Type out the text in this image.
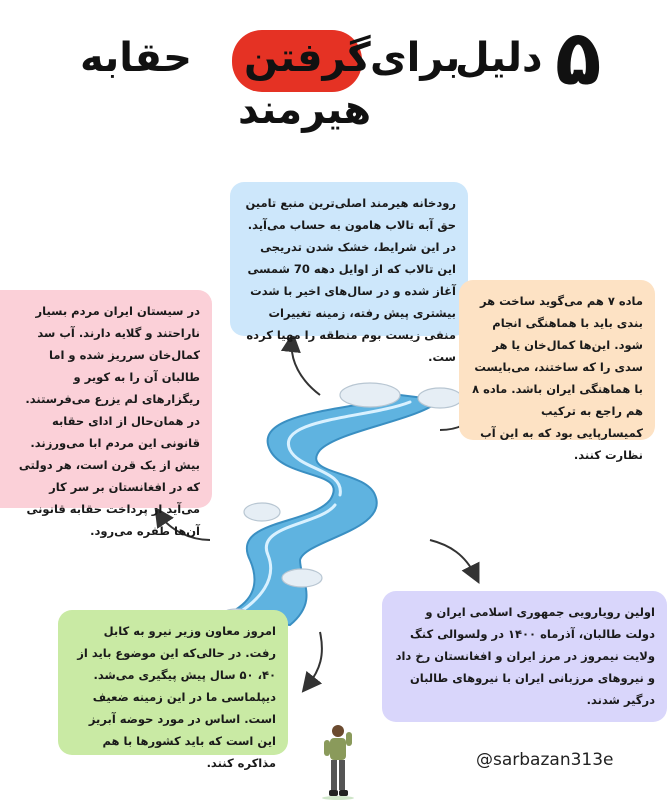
۵
دلیل
برای
گرفتن
حقابه
هیرمند
رودخانه هیرمند اصلی‌ترین منبع تامین حق آبه تالاب هامون به حساب می‌آید. در این شرایط، خشک شدن تدریجی این تالاب که از اوایل دهه 70 شمسی آغاز شده و در سال‌های اخیر با شدت بیشتری پیش رفته، زمینه تغییرات منفی زیست بوم منطقه را مهیا کرده ست.
در سیستان ایران مردم بسیار ناراحتند و گلایه دارند. آب سد کمال‌خان سرریز شده و اما طالبان آن را به کویر و ریگزارهای لم یزرع می‌فرستند. در همان‌حال از ادای حقابه قانونی این مردم ابا می‌ورزند. بیش از یک قرن است، هر دولتی که در افغانستان بر سر کار می‌آید از پرداخت حقابه قانونی آن‌ها طفره می‌رود.
ماده ۷ هم می‌گوید ساخت هر بندی باید با هماهنگی انجام شود. این‌ها کمال‌خان یا هر سدی را که ساختند، می‌بایست با هماهنگی ایران باشد. ماده ۸ هم راجع به ترکیب کمیسارپایی بود که به این آب نظارت کنند.
اولین رویارویی جمهوری اسلامی ایران و دولت طالبان، آذرماه ۱۴۰۰ در ولسوالی کنگ ولایت نیمروز در مرز ایران و افغانستان رخ داد و نیروهای مرزبانی ایران با نیروهای طالبان درگیر شدند.
امروز معاون وزیر نیرو به کابل رفت. در حالی‌که این موضوع باید از ۴۰، ۵۰ سال پیش پیگیری می‌شد. دیپلماسی ما در این زمینه ضعیف است. اساس در مورد حوضه آبریز این است که باید کشورها با هم مذاکره کنند.	@sarbazan313e
